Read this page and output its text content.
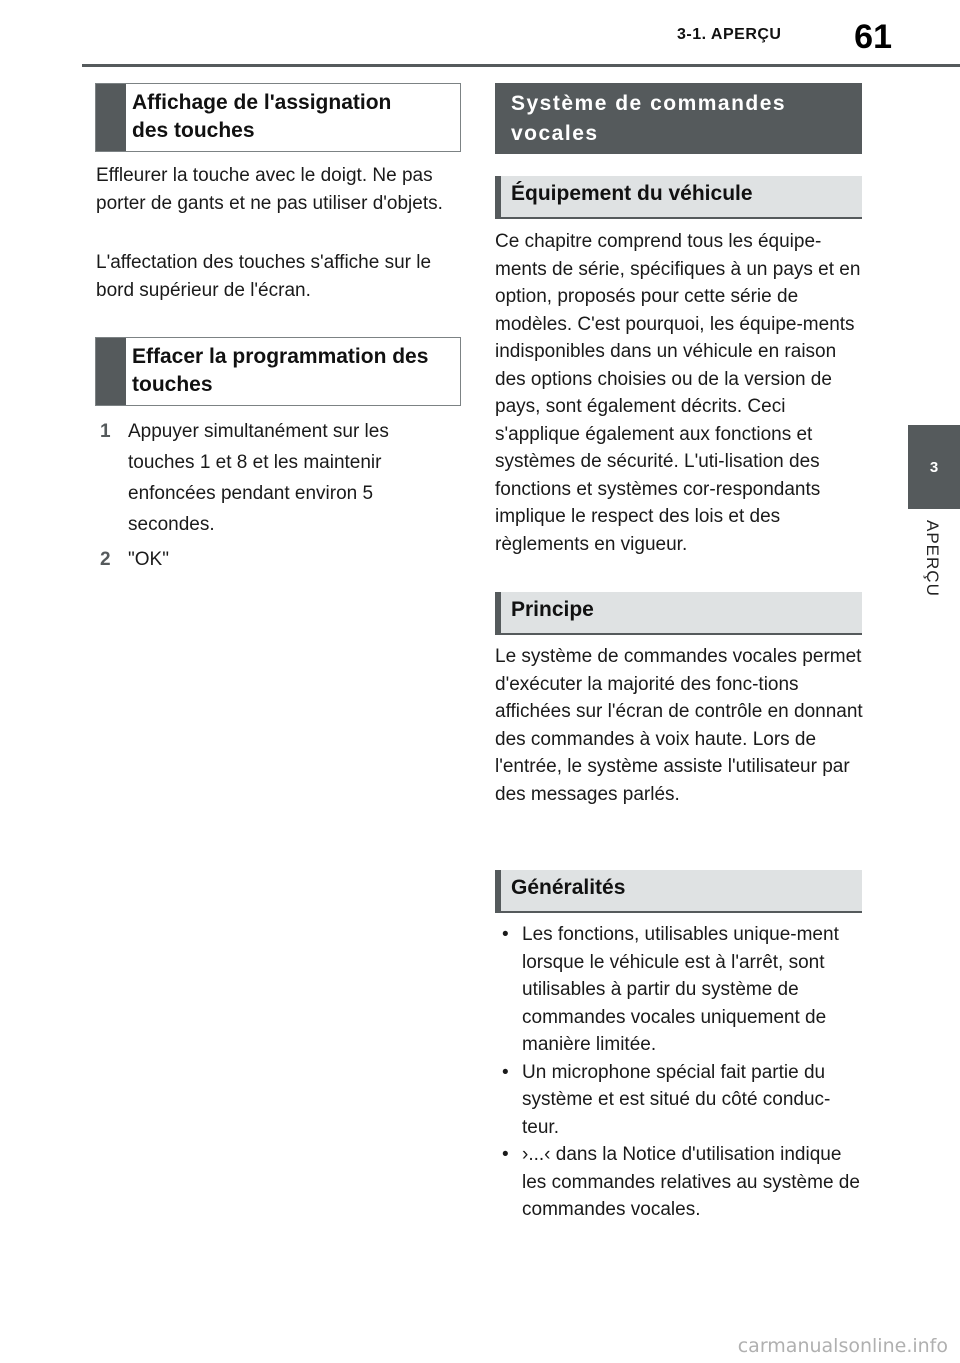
61
3-1. APERÇU
3
APERÇU
Affichage de l'assignation des touches

Effleurer la touche avec le doigt. Ne pas porter de gants et ne pas utiliser d'objets.

L'affectation des touches s'affiche sur le bord supérieur de l'écran.

Effacer la programmation des touches
1 Appuyer simultanément sur les touches 1 et 8 et les maintenir enfoncées pendant environ 5 secondes.
2 "OK"
Système de commandes vocales
Équipement du véhicule

Ce chapitre comprend tous les équipe-ments de série, spécifiques à un pays et en option, proposés pour cette série de modèles. C'est pourquoi, les équipe-ments indisponibles dans un véhicule en raison des options choisies ou de la version de pays, sont également décrits. Ceci s'applique également aux fonctions et systèmes de sécurité. L'uti-lisation des fonctions et systèmes cor-respondants implique le respect des lois et des règlements en vigueur.

Principe

Le système de commandes vocales permet d'exécuter la majorité des fonc-tions affichées sur l'écran de contrôle en donnant des commandes à voix haute. Lors de l'entrée, le système assiste l'utilisateur par des messages parlés.

Généralités
• Les fonctions, utilisables unique-ment lorsque le véhicule est à l'arrêt, sont utilisables à partir du système de commandes vocales uniquement de manière limitée.
• Un microphone spécial fait partie du système et est situé du côté conduc-teur.
• ›...‹ dans la Notice d'utilisation indique les commandes relatives au système de commandes vocales.
carmanualsonline.info
